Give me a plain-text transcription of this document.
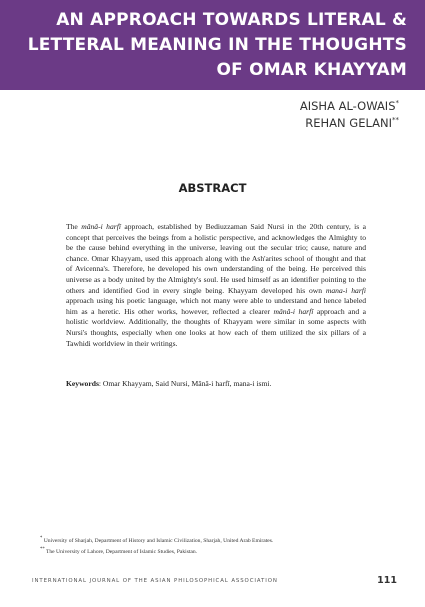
AN APPROACH TOWARDS LITERAL &
LETTERAL MEANING IN THE THOUGHTS
OF OMAR KHAYYAM
AISHA AL-OWAIS*
REHAN GELANI**
ABSTRACT
The mânâ-i harfî approach, established by Bediuzzaman Said Nursi in the 20th century, is a concept that perceives the beings from a holistic perspective, and acknowledges the Almighty to be the cause behind everything in the universe, leaving out the secular trio; cause, nature and chance. Omar Khayyam, used this approach along with the Ash'arites school of thought and that of Avicenna's. Therefore, he developed his own understanding of the being. He perceived this universe as a body united by the Almighty's soul. He used himself as an identifier pointing to the others and identified God in every single being. Khayyam developed his own mana-i harfi approach using his poetic language, which not many were able to understand and hence labeled him as a heretic. His other works, however, reflected a clearer mânâ-i harfî approach and a holistic worldview. Additionally, the thoughts of Khayyam were similar in some aspects with Nursi's thoughts, especially when one looks at how each of them utilized the six pillars of a Tawhidi worldview in their writings.
Keywords: Omar Khayyam, Said Nursi, Mânâ-i harfî, mana-i ismi.
* University of Sharjah, Department of History and Islamic Civilization, Sharjah, United Arab Emirates.
** The University of Lahore, Department of Islamic Studies, Pakistan.
INTERNATIONAL JOURNAL OF THE ASIAN PHILOSOPHICAL ASSOCIATION	111
